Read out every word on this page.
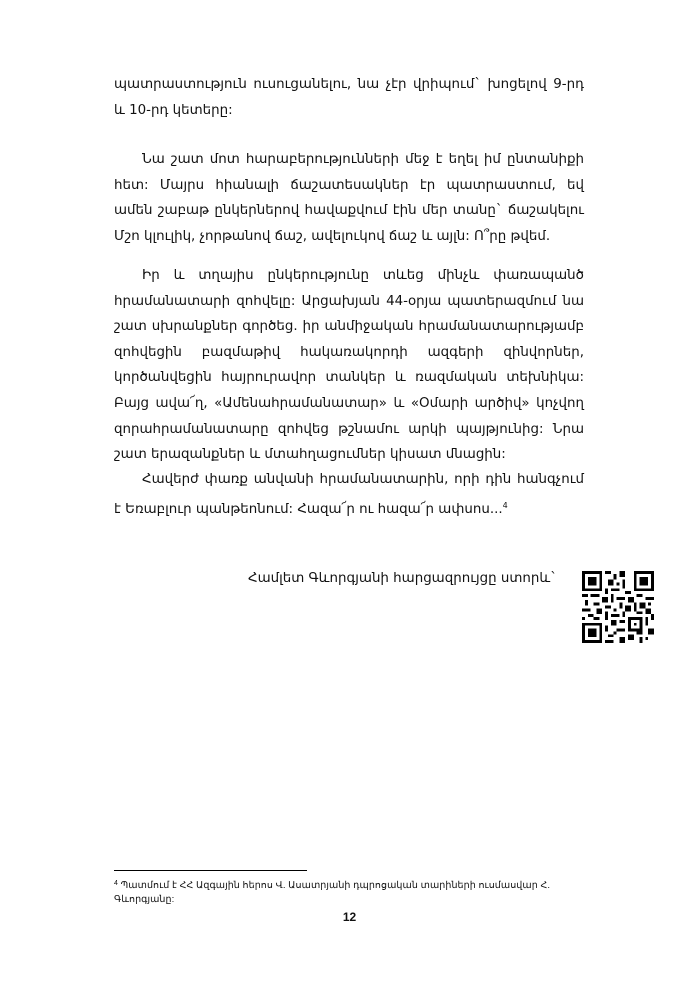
պատրաստություն ուսուցանելու, նա չէր վրիպում` խոցելով 9-րդ և 10-րդ կետերը:

Նա շատ մոտ հարաբերությունների մեջ է եղել իմ ընտանիքի հետ: Մայրս հիանալի ճաշատեսակներ էր պատրաստում, եվ ամեն շաբաթ ընկերներով հավաքվում էին մեր տանը` ճաշակելու Մշո կլուլիկ, չորթանով ճաշ, ավելուկով ճաշ և այլն: Ո՞րը թվեմ.

Իր և տղայիս ընկերությունը տևեց մինչև փառապանծ հրամանատարի զոհվելը: Արցախյան 44-օրյա պատերազմում նա շատ սխրանքներ գործեց. իր անմիջական հրամանատարությամբ զոհվեցին բազմաթիվ հակառակորդի ազգերի զինվորներ, կործանվեցին հայրուրավոր տանկեր և ռազմական տեխնիկա: Բայց ավա՜ղ, «Ամենահրամանատար» և «Օմարի արծիվ» կոչվող զորահրամանատարը զոհվեց թշնամու արկի պայթյունից: Նրա շատ երազանքներ և մտահղացումներ կիսատ մնացին:

Հավերժ փառք անվանի հրամանատարին, որի դին հանգչում է Եռաբլուր պանթեոնում: Հազա՜ր ու հազա՜ր ափսոս...$^4$

Համլետ Գևորգյանի հարցազրույցը ստորև`
$^4$ Պատմում է ՀՀ Ազգային հերոս Վ. Ասատրյանի դպրոցական տարիների ուսմասվար Հ. Գևորգյանը:
12
